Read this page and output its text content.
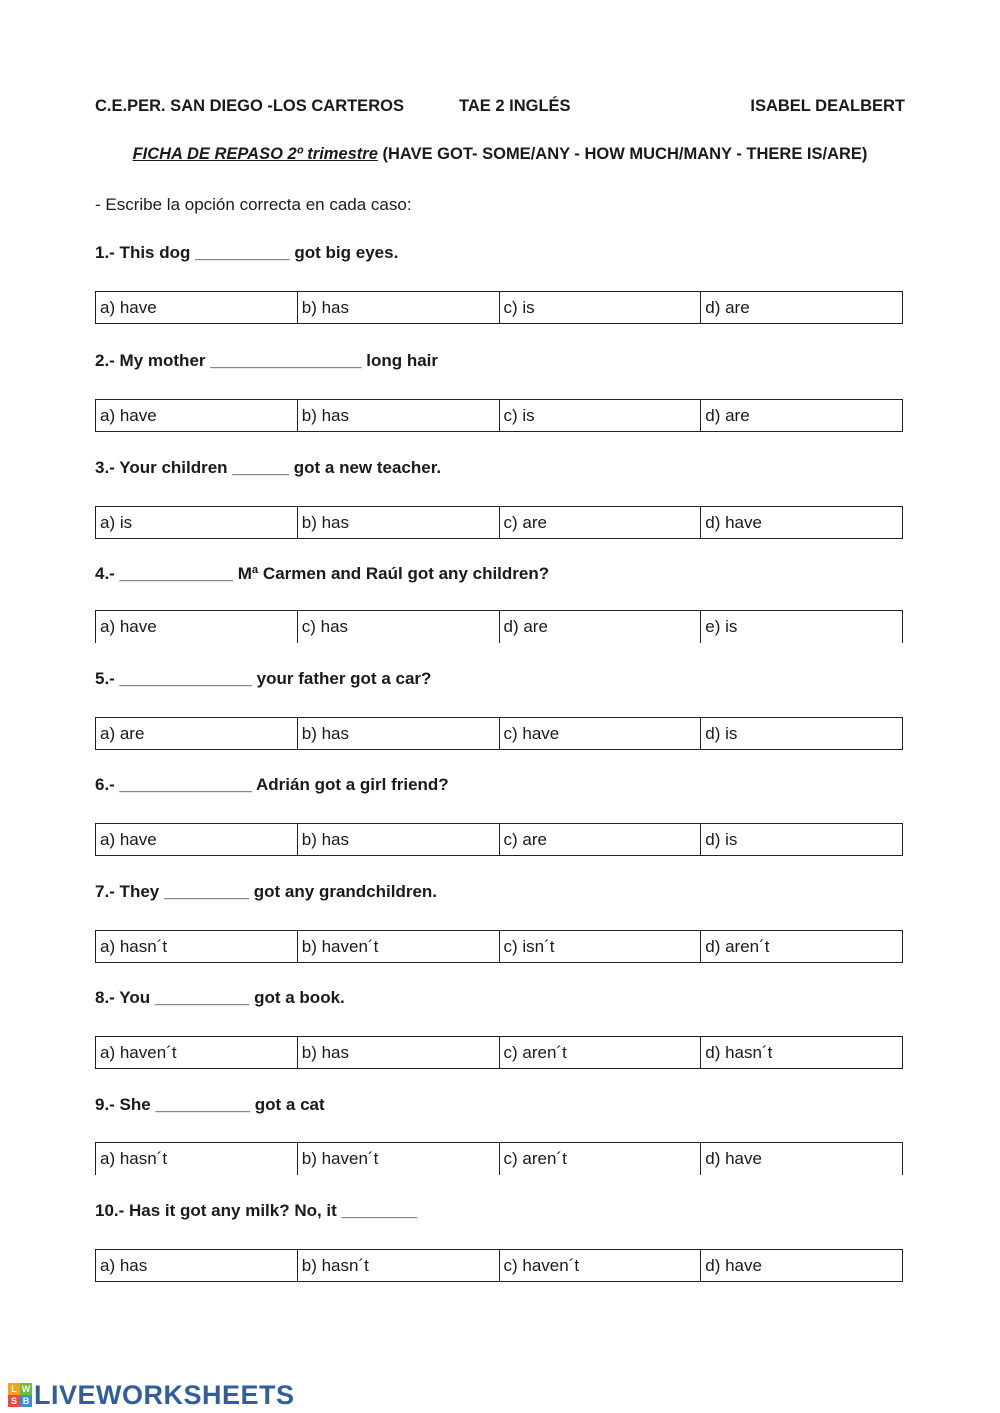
C.E.PER. SAN DIEGO -LOS CARTEROS	TAE 2 INGLÉS	ISABEL DEALBERT
FICHA DE REPASO 2º trimestre (HAVE GOT- SOME/ANY - HOW MUCH/MANY - THERE IS/ARE)
- Escribe la opción correcta en cada caso:
1.- This dog __________ got big eyes.
a) have	b) has	c) is	d) are
2.- My mother ________________ long hair
a) have	b) has	c) is	d) are
3.- Your children ______ got a new teacher.
a) is	b) has	c) are	d) have
4.- ____________ Mª Carmen and Raúl got any children?
a) have	c) has	d) are	e) is
5.- ______________ your father got a car?
a) are	b) has	c) have	d) is
6.- ______________ Adrián got a girl friend?
a) have	b) has	c) are	d) is
7.- They _________ got any grandchildren.
a) hasn´t	b) haven´t	c) isn´t	d) aren´t
8.- You __________ got a book.
a) haven´t	b) has	c) aren´t	d) hasn´t
9.- She __________ got a cat
a) hasn´t	b) haven´t	c) aren´t	d) have
10.- Has it got any milk? No, it ________
a) has	b) hasn´t	c) haven´t	d) have
L W
S B LIVEWORKSHEETS
